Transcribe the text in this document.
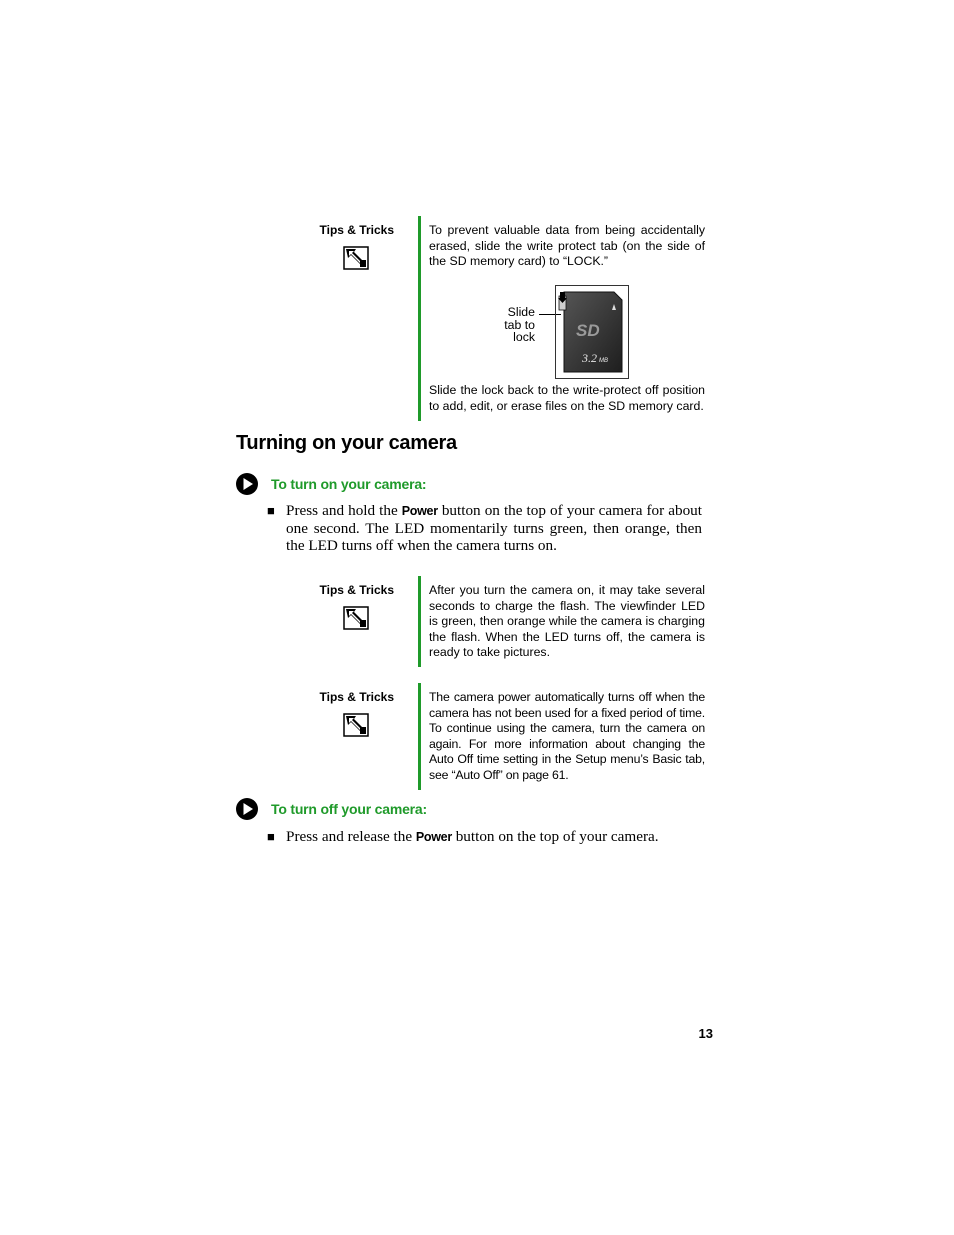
Tips & Tricks	To prevent valuable data from being accidentally erased, slide the write protect tab (on the side of the SD memory card) to “LOCK.”

Slide
tab to
lock SD
3.2 MB

Slide the lock back to the write-protect off position to add, edit, or erase files on the SD memory card.

Turning on your camera
To turn on your camera:
■ Press and hold the Power button on the top of your camera for about one second. The LED momentarily turns green, then orange, then the LED turns off when the camera turns on.

Tips & Tricks	After you turn the camera on, it may take several seconds to charge the flash. The viewfinder LED is green, then orange while the camera is charging the flash. When the LED turns off, the camera is ready to take pictures.

Tips & Tricks	The camera power automatically turns off when the camera has not been used for a fixed period of time. To continue using the camera, turn the camera on again. For more information about changing the Auto Off time setting in the Setup menu’s Basic tab, see “Auto Off” on page 61.

To turn off your camera:
■ Press and release the Power button on the top of your camera.

13
